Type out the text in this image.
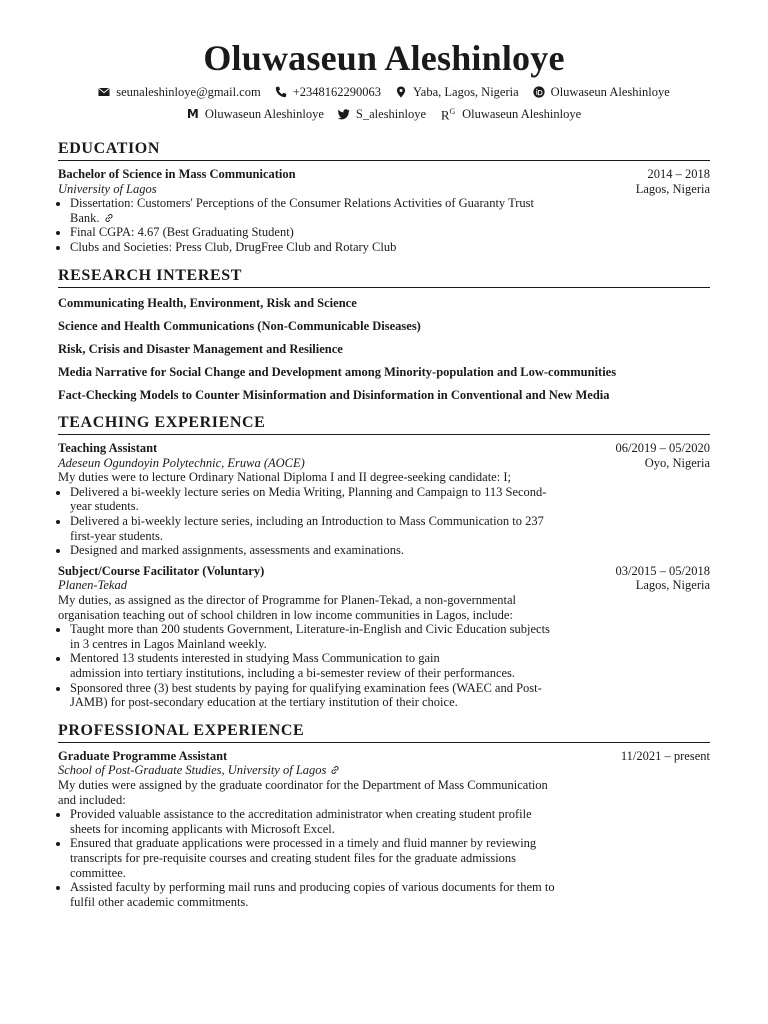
Oluwaseun Aleshinloye
seunaleshinloye@gmail.com	+2348162290063	Yaba, Lagos, Nigeria	Oluwaseun Aleshinloye
M Oluwaseun Aleshinloye	S_aleshinloye $R^G$ Oluwaseun Aleshinloye
EDUCATION
Bachelor of Science in Mass Communication	2014 – 2018
University of Lagos	Lagos, Nigeria
• Dissertation: Customers' Perceptions of the Consumer Relations Activities of Guaranty Trust Bank.
• Final CGPA: 4.67 (Best Graduating Student)
• Clubs and Societies: Press Club, DrugFree Club and Rotary Club
RESEARCH INTEREST
Communicating Health, Environment, Risk and Science
Science and Health Communications (Non-Communicable Diseases)
Risk, Crisis and Disaster Management and Resilience
Media Narrative for Social Change and Development among Minority-population and Low-communities
Fact-Checking Models to Counter Misinformation and Disinformation in Conventional and New Media
TEACHING EXPERIENCE
Teaching Assistant	06/2019 – 05/2020
Adeseun Ogundoyin Polytechnic, Eruwa (AOCE)	Oyo, Nigeria
My duties were to lecture Ordinary National Diploma I and II degree-seeking candidate: I;
• Delivered a bi-weekly lecture series on Media Writing, Planning and Campaign to 113 Second-year students.
• Delivered a bi-weekly lecture series, including an Introduction to Mass Communication to 237 first-year students.
• Designed and marked assignments, assessments and examinations.
Subject/Course Facilitator (Voluntary)	03/2015 – 05/2018
Planen-Tekad	Lagos, Nigeria
My duties, as assigned as the director of Programme for Planen-Tekad, a non-governmental organisation teaching out of school children in low income communities in Lagos, include:
• Taught more than 200 students Government, Literature-in-English and Civic Education subjects in 3 centres in Lagos Mainland weekly.
• Mentored 13 students interested in studying Mass Communication to gain
admission into tertiary institutions, including a bi-semester review of their performances.
• Sponsored three (3) best students by paying for qualifying examination fees (WAEC and Post-JAMB) for post-secondary education at the tertiary institution of their choice.
PROFESSIONAL EXPERIENCE
Graduate Programme Assistant	11/2021 – present
School of Post-Graduate Studies, University of Lagos
My duties were assigned by the graduate coordinator for the Department of Mass Communication and included:
• Provided valuable assistance to the accreditation administrator when creating student profile sheets for incoming applicants with Microsoft Excel.
• Ensured that graduate applications were processed in a timely and fluid manner by reviewing transcripts for pre-requisite courses and creating student files for the graduate admissions committee.
• Assisted faculty by performing mail runs and producing copies of various documents for them to fulfil other academic commitments.
